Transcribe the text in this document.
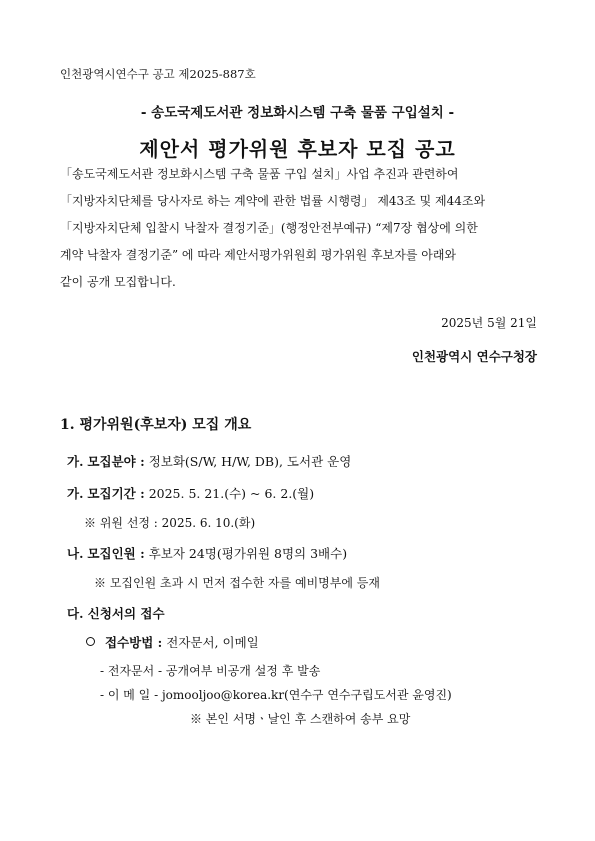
인천광역시연수구 공고 제2025-887호
- 송도국제도서관 정보화시스템 구축 물품 구입설치 -
제안서 평가위원 후보자 모집 공고
「송도국제도서관 정보화시스템 구축 물품 구입 설치」사업 추진과 관련하여
「지방자치단체를 당사자로 하는 계약에 관한 법률 시행령」 제43조 및 제44조와
「지방자치단체 입찰시 낙찰자 결정기준」(행정안전부예규) “제7장 협상에 의한
계약 낙찰자 결정기준” 에 따라 제안서평가위원회 평가위원 후보자를 아래와
같이 공개 모집합니다.
2025년 5월 21일
인천광역시 연수구청장
1. 평가위원(후보자) 모집 개요
가. 모집분야 : 정보화(S/W, H/W, DB), 도서관 운영
가. 모집기간 : 2025. 5. 21.(수) ~ 6. 2.(월)
※ 위원 선정 : 2025. 6. 10.(화)
나. 모집인원 : 후보자 24명(평가위원 8명의 3배수)
※ 모집인원 초과 시 먼저 접수한 자를 예비명부에 등재
다. 신청서의 접수
접수방법 : 전자문서, 이메일
- 전자문서 - 공개여부 비공개 설정 후 발송
- 이 메 일 - jomooljoo@korea.kr(연수구 연수구립도서관 윤영진)
※ 본인 서명ㆍ날인 후 스캔하여 송부 요망
